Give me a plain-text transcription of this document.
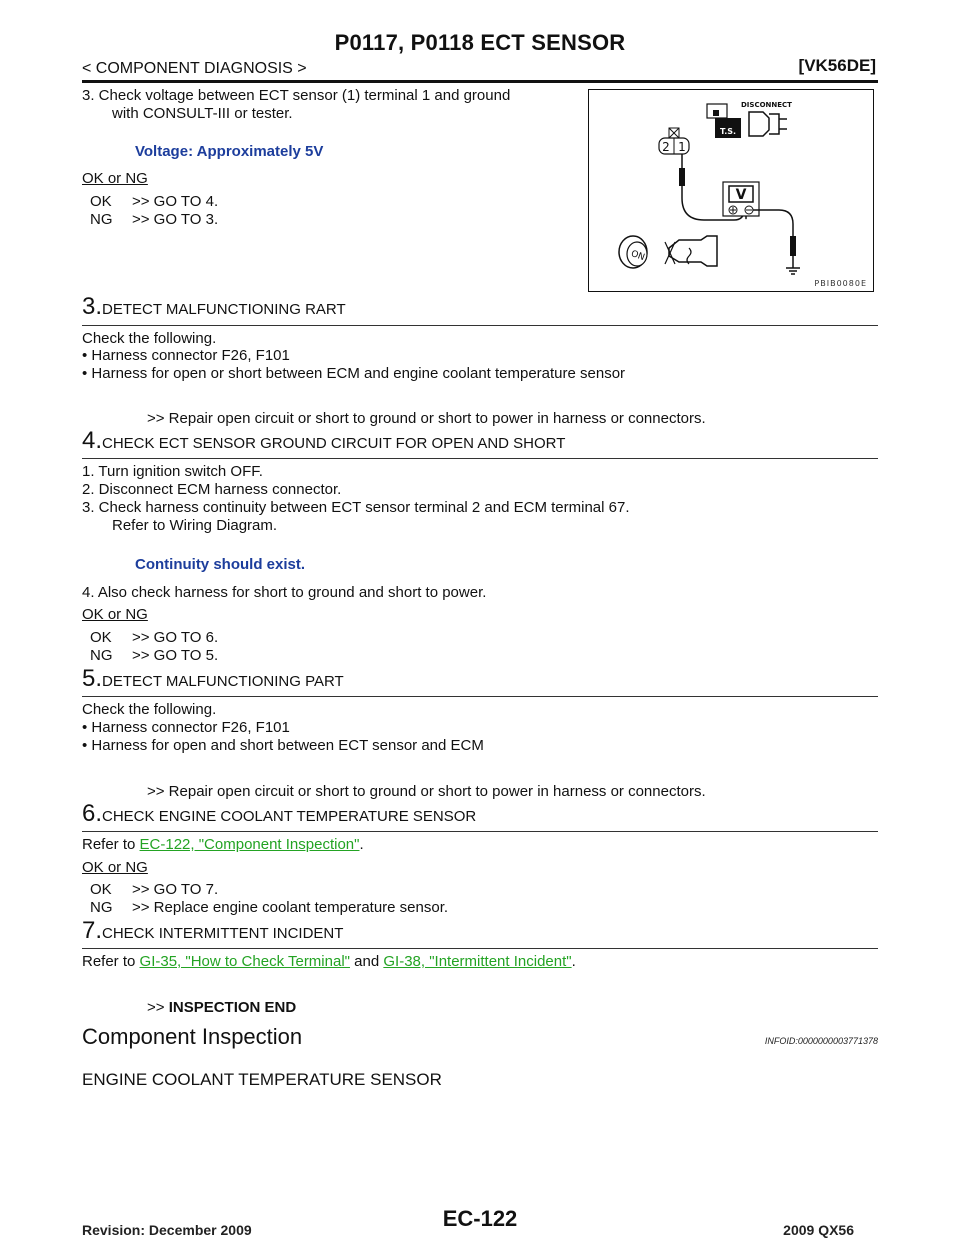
P0117, P0118 ECT SENSOR
< COMPONENT DIAGNOSIS >	[VK56DE]
3. Check voltage between ECT sensor (1) terminal 1 and ground
with CONSULT-III or tester.
Voltage: Approximately 5V
OK or NG
OK >> GO TO 4.
NG >> GO TO 3.
T.S.
DISCONNECT
2 1
V
ON
PBIB0080E
3.DETECT MALFUNCTIONING RART
Check the following.
• Harness connector F26, F101
• Harness for open or short between ECM and engine coolant temperature sensor
>> Repair open circuit or short to ground or short to power in harness or connectors.
4.CHECK ECT SENSOR GROUND CIRCUIT FOR OPEN AND SHORT
1. Turn ignition switch OFF.
2. Disconnect ECM harness connector.
3. Check harness continuity between ECT sensor terminal 2 and ECM terminal 67.
Refer to Wiring Diagram.
Continuity should exist.
4. Also check harness for short to ground and short to power.
OK or NG
OK >> GO TO 6.
NG >> GO TO 5.
5.DETECT MALFUNCTIONING PART
Check the following.
• Harness connector F26, F101
• Harness for open and short between ECT sensor and ECM
>> Repair open circuit or short to ground or short to power in harness or connectors.
6.CHECK ENGINE COOLANT TEMPERATURE SENSOR
Refer to EC-122, "Component Inspection".
OK or NG
OK >> GO TO 7.
NG >> Replace engine coolant temperature sensor.
7.CHECK INTERMITTENT INCIDENT
Refer to GI-35, "How to Check Terminal" and GI-38, "Intermittent Incident".
>> INSPECTION END
Component Inspection	INFOID:0000000003771378
ENGINE COOLANT TEMPERATURE SENSOR
Revision: December 2009	EC-122	2009 QX56
